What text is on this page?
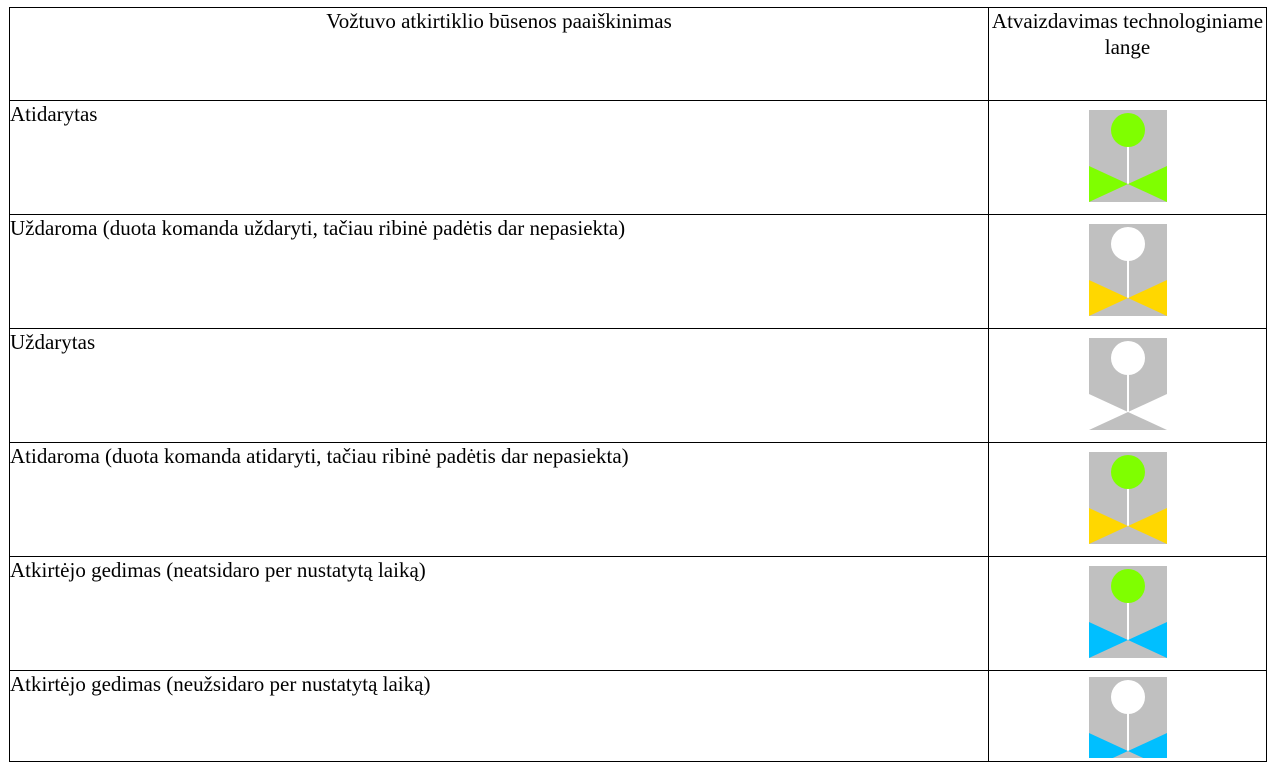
Vožtuvo atkirtiklio būsenos paaiškinimas	Atvaizdavimas technologiniame lange
Atidarytas	

Uždaroma (duota komanda uždaryti, tačiau ribinė padėtis dar nepasiekta)	

Uždarytas	

Atidaroma (duota komanda atidaryti, tačiau ribinė padėtis dar nepasiekta)	

Atkirtėjo gedimas (neatsidaro per nustatytą laiką)	

Atkirtėjo gedimas (neužsidaro per nustatytą laiką)	
